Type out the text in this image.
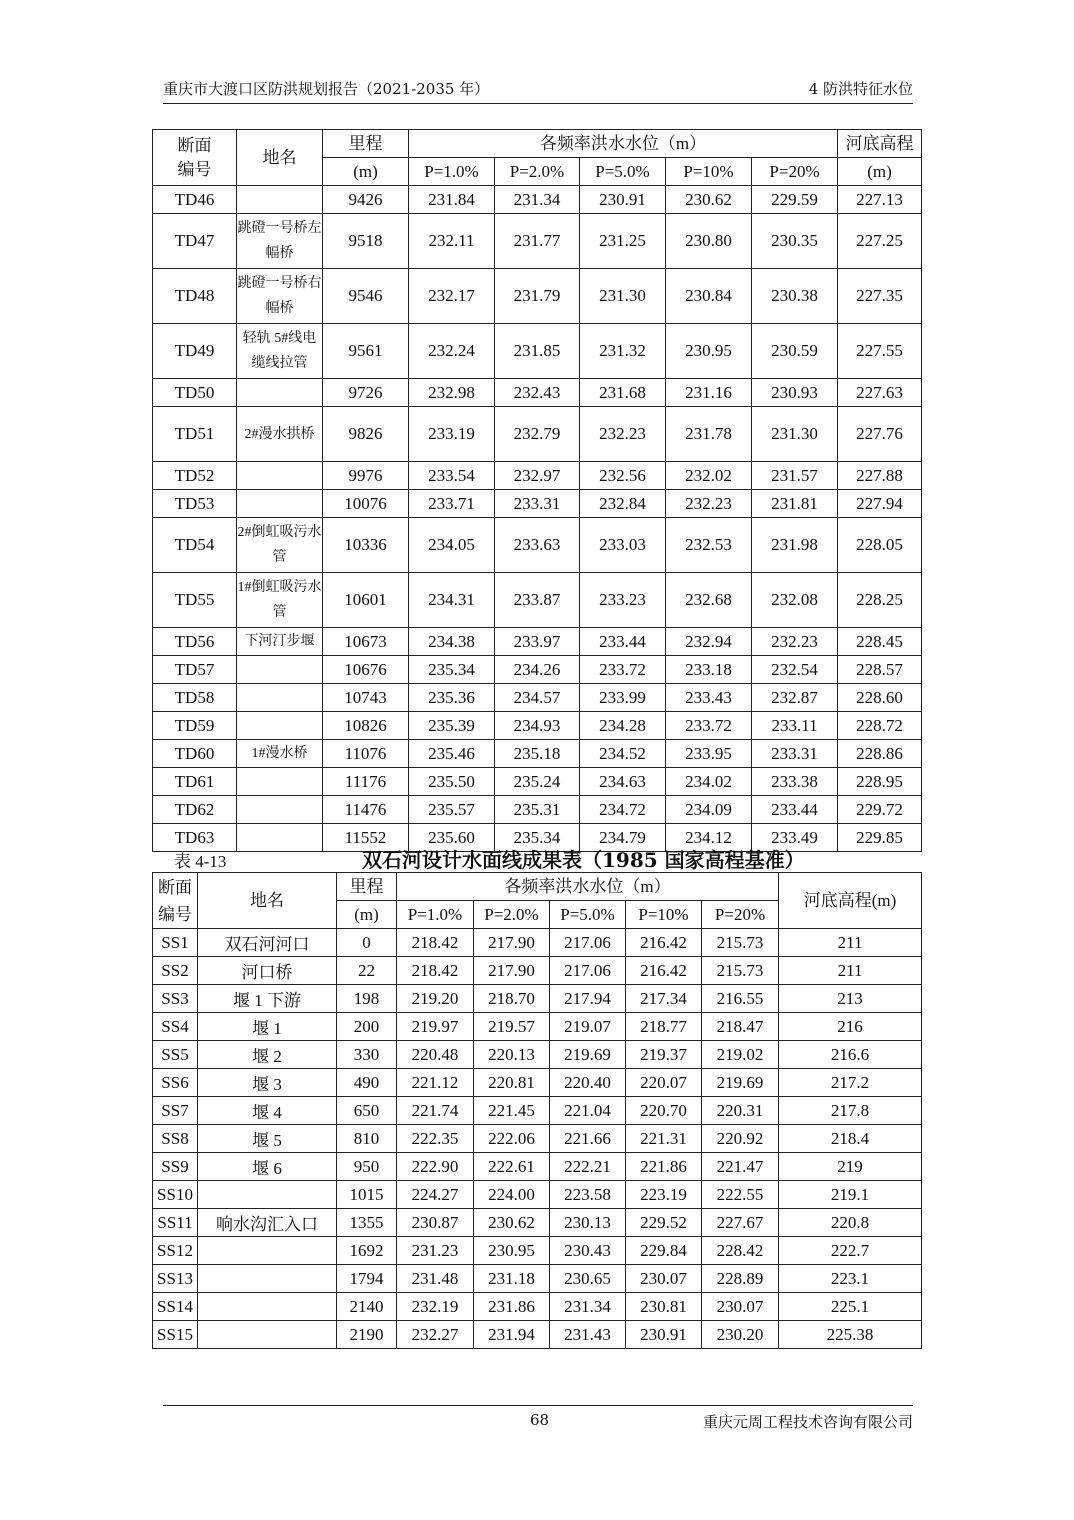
重庆市大渡口区防洪规划报告（2021-2035 年）	4 防洪特征水位
断面
编号	地名	里程	各频率洪水水位（m）					河底高程
		(m)	P=1.0%	P=2.0%	P=5.0%	P=10%	P=20%	(m)
TD46		9426	231.84	231.34	230.91	230.62	229.59	227.13
TD47	跳磴一号桥左幅桥	9518	232.11	231.77	231.25	230.80	230.35	227.25
TD48	跳磴一号桥右幅桥	9546	232.17	231.79	231.30	230.84	230.38	227.35
TD49	轻轨 5#线电缆线拉管	9561	232.24	231.85	231.32	230.95	230.59	227.55
TD50		9726	232.98	232.43	231.68	231.16	230.93	227.63
TD51	2#漫水拱桥	9826	233.19	232.79	232.23	231.78	231.30	227.76
TD52		9976	233.54	232.97	232.56	232.02	231.57	227.88
TD53		10076	233.71	233.31	232.84	232.23	231.81	227.94
TD54	2#倒虹吸污水管	10336	234.05	233.63	233.03	232.53	231.98	228.05
TD55	1#倒虹吸污水管	10601	234.31	233.87	233.23	232.68	232.08	228.25
TD56	下河汀步堰	10673	234.38	233.97	233.44	232.94	232.23	228.45
TD57		10676	235.34	234.26	233.72	233.18	232.54	228.57
TD58		10743	235.36	234.57	233.99	233.43	232.87	228.60
TD59		10826	235.39	234.93	234.28	233.72	233.11	228.72
TD60	1#漫水桥	11076	235.46	235.18	234.52	233.95	233.31	228.86
TD61		11176	235.50	235.24	234.63	234.02	233.38	228.95
TD62		11476	235.57	235.31	234.72	234.09	233.44	229.72
TD63		11552	235.60	235.34	234.79	234.12	233.49	229.85
表 4-13	双石河设计水面线成果表（1985 国家高程基准）
断面
编号	地名	里程	各频率洪水水位（m）					河底高程(m)
		(m)	P=1.0%	P=2.0%	P=5.0%	P=10%	P=20%	
SS1	双石河河口	0	218.42	217.90	217.06	216.42	215.73	211
SS2	河口桥	22	218.42	217.90	217.06	216.42	215.73	211
SS3	堰 1 下游	198	219.20	218.70	217.94	217.34	216.55	213
SS4	堰 1	200	219.97	219.57	219.07	218.77	218.47	216
SS5	堰 2	330	220.48	220.13	219.69	219.37	219.02	216.6
SS6	堰 3	490	221.12	220.81	220.40	220.07	219.69	217.2
SS7	堰 4	650	221.74	221.45	221.04	220.70	220.31	217.8
SS8	堰 5	810	222.35	222.06	221.66	221.31	220.92	218.4
SS9	堰 6	950	222.90	222.61	222.21	221.86	221.47	219
SS10		1015	224.27	224.00	223.58	223.19	222.55	219.1
SS11	响水沟汇入口	1355	230.87	230.62	230.13	229.52	227.67	220.8
SS12		1692	231.23	230.95	230.43	229.84	228.42	222.7
SS13		1794	231.48	231.18	230.65	230.07	228.89	223.1
SS14		2140	232.19	231.86	231.34	230.81	230.07	225.1
SS15		2190	232.27	231.94	231.43	230.91	230.20	225.38
68	重庆元周工程技术咨询有限公司
